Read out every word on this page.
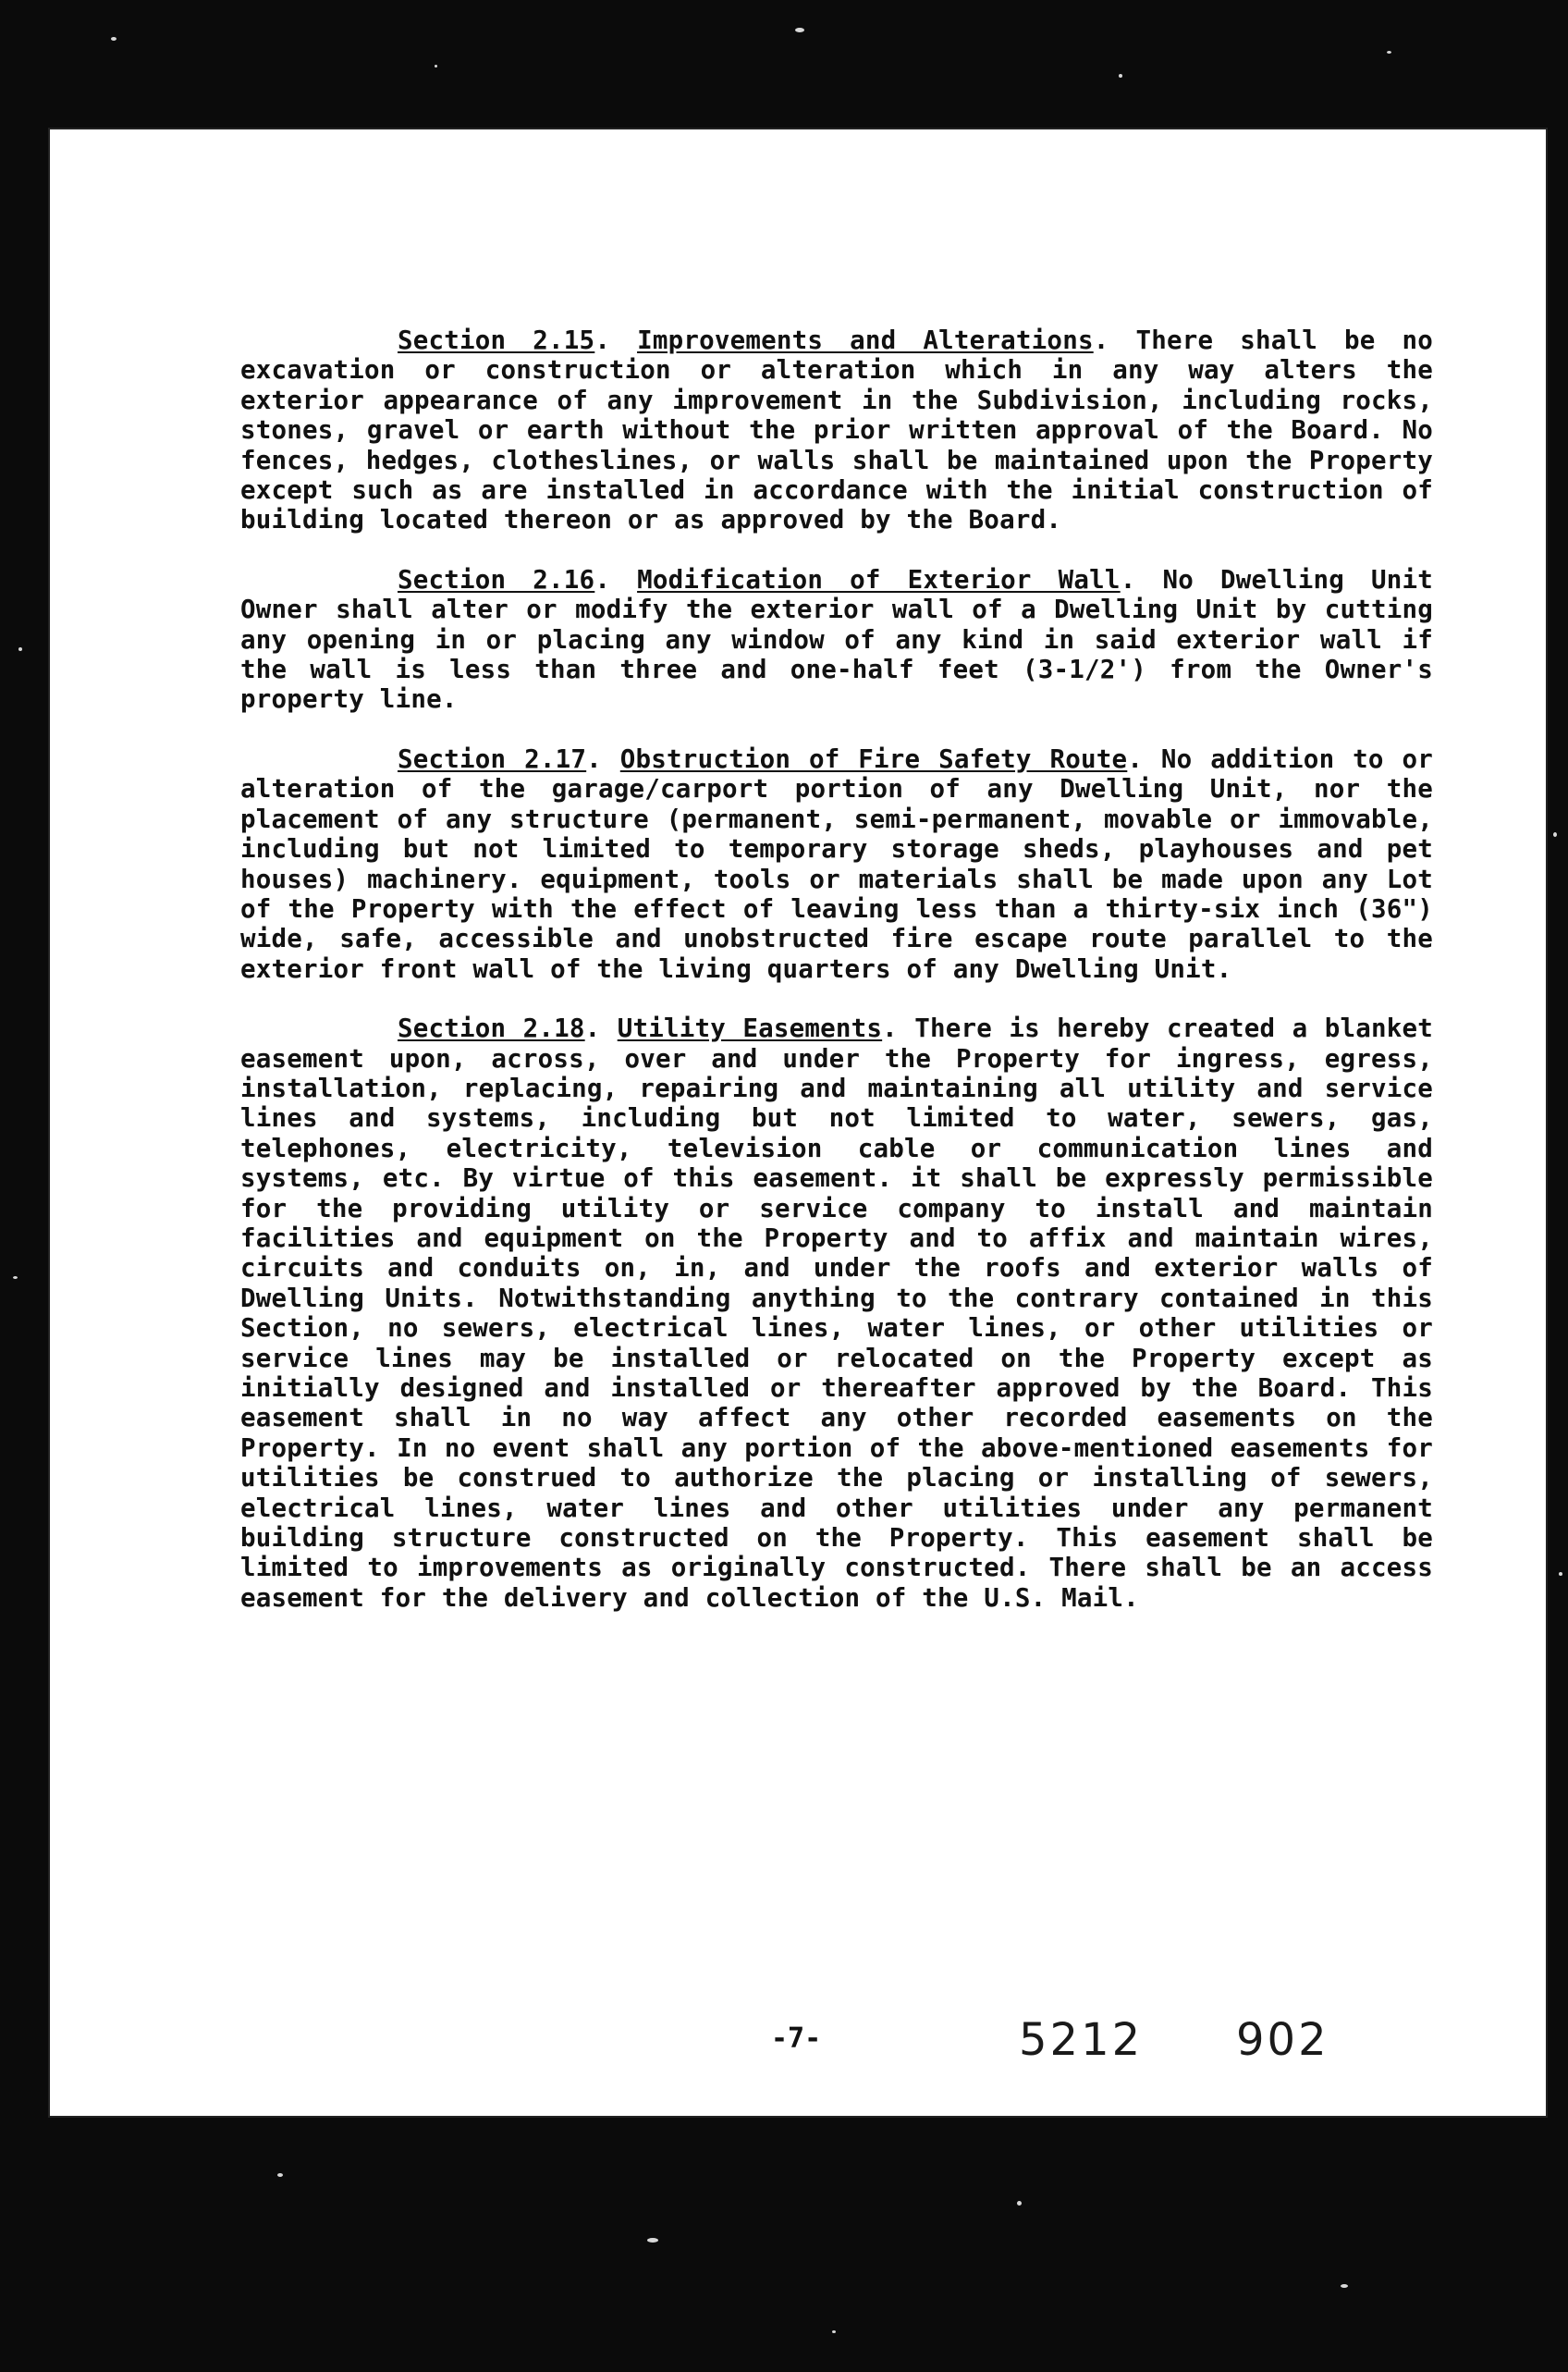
Section 2.15. Improvements and Alterations. There shall be no excavation or construction or alteration which in any way alters the exterior appearance of any improvement in the Subdivision, including rocks, stones, gravel or earth without the prior written approval of the Board. No fences, hedges, clotheslines, or walls shall be maintained upon the Property except such as are installed in accordance with the initial construction of building located thereon or as approved by the Board.

Section 2.16. Modification of Exterior Wall. No Dwelling Unit Owner shall alter or modify the exterior wall of a Dwelling Unit by cutting any opening in or placing any window of any kind in said exterior wall if the wall is less than three and one-half feet (3-1/2') from the Owner's property line.

Section 2.17. Obstruction of Fire Safety Route. No addition to or alteration of the garage/carport portion of any Dwelling Unit, nor the placement of any structure (permanent, semi-permanent, movable or immovable, including but not limited to temporary storage sheds, playhouses and pet houses) machinery. equipment, tools or materials shall be made upon any Lot of the Property with the effect of leaving less than a thirty-six inch (36") wide, safe, accessible and unobstructed fire escape route parallel to the exterior front wall of the living quarters of any Dwelling Unit.

Section 2.18. Utility Easements. There is hereby created a blanket easement upon, across, over and under the Property for ingress, egress, installation, replacing, repairing and maintaining all utility and service lines and systems, including but not limited to water, sewers, gas, telephones, electricity, television cable or communication lines and systems, etc. By virtue of this easement. it shall be expressly permissible for the providing utility or service company to install and maintain facilities and equipment on the Property and to affix and maintain wires, circuits and conduits on, in, and under the roofs and exterior walls of Dwelling Units. Notwithstanding anything to the contrary contained in this Section, no sewers, electrical lines, water lines, or other utilities or service lines may be installed or relocated on the Property except as initially designed and installed or thereafter approved by the Board. This easement shall in no way affect any other recorded easements on the Property. In no event shall any portion of the above-mentioned easements for utilities be construed to authorize the placing or installing of sewers, electrical lines, water lines and other utilities under any permanent building structure constructed on the Property. This easement shall be limited to improvements as originally constructed. There shall be an access easement for the delivery and collection of the U.S. Mail.

-7-	5212 902
